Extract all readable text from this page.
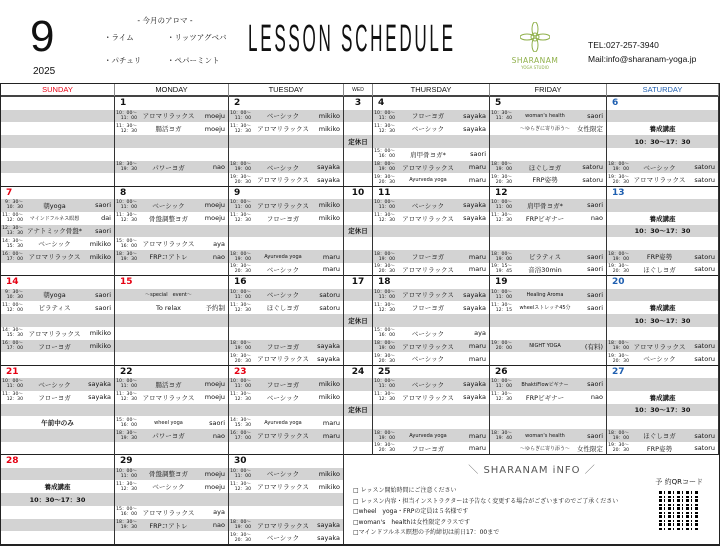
9
2025
- 今月のアロマ -
・ライム	・リッツアグベバ
・パチュリ	・ペパーミント
LESSON SCHEDULE
SHARANAM
YOGA STUDIO
TEL:027-257-3940
Mail:info@sharanam-yoga.jp
SUNDAY	MONDAY	TUESDAY	WED	THURSDAY	FRIDAY	SATURDAY
1
10：00〜
11：00 アロマリラックス	moeju
11：30〜
12：30	腸活ヨガ	moeju
18：30〜
19：30	パワーヨガ	nao
2
10：00〜
11：00	ベーシック	mikiko
11：30〜
12：30 アロマリラックス	mikiko
18：00〜
19：00	ベーシック	sayaka
19：30〜
20：30 アロマリラックス	sayaka
3
定休日
4
10：00〜
11：00	フローヨガ	sayaka
11：30〜
12：30	ベーシック	sayaka
15：00〜
16：00	肩甲骨ヨガ*	saori
18：00〜
19：00	アロマリラックス	maru
19：30〜
20：30	Ayurveda yoga	maru
5
10：30〜
11：40	woman's health	saori
〜ゆらぎに寄り添う〜	女性限定
18：00〜
19：00	ほぐしヨガ	satoru
19：30〜
20：30	FRP姿勢	satoru
6
養成講座
10：30〜17：30
18：00〜
19：00	ベーシック	satoru
19：30〜
20：30 アロマリラックス	satoru
7
9：30〜
10：30	朝yoga	saori
11：00〜
12：00	マインドフルネス瞑想	dai
12：30〜
13：30 アナトミック骨盤*	saori
14：30〜
15：30	ベーシック	mikiko
16：00〜
17：00 アロマリラックス	mikiko
8
10：00〜
11：00	ベーシック	moeju
11：30〜
12：30	骨盤調整ヨガ	moeju
15：00〜
16：00 アロマリラックス	aya
18：30〜
19：30	FRPコアトレ	nao
9
10：00〜
11：00 アロマリラックス	mikiko
11：30〜
12：30	フローヨガ	mikiko
18：00〜
19：00	Ayurveda yoga	maru
19：30〜
20：30	ベーシック	maru
10
定休日
11
10：00〜
11：00	ベーシック	sayaka
11：30〜
12：30	アロマリラックス	sayaka
18：00〜
19：00	フローヨガ	maru
19：30〜
20：30	アロマリラックス	maru
12
10：00〜
11：00	肩甲骨ヨガ*	saori
11：30〜
12：30	FRPビギナー	nao
18：00〜
19：00	ピラティス	saori
19：15〜
19：45	音浴30min	saori
13
養成講座
10：30〜17：30
18：00〜
19：00	FRP姿勢	satoru
19：30〜
20：30	ほぐしヨガ	satoru
14
9：30〜
10：30	朝yoga	saori
11：00〜
12：00	ピラティス	saori
14：30〜
15：30 アロマリラックス	mikiko
16：00〜
17：00	フローヨガ	mikiko
15
〜special　event〜
To relax	予約制
16
10：00〜
11：00	ベーシック	satoru
11：30〜
12：30	ほぐしヨガ	satoru
18：00〜
19：00	フローヨガ	sayaka
19：30〜
20：30 アロマリラックス	sayaka
17
定休日
18
10：00〜
11：00	アロマリラックス	sayaka
11：30〜
12：30	フローヨガ	sayaka
15：00〜
16：00	ベーシック	aya
18：00〜
19：00	アロマリラックス	maru
19：30〜
20：30	ベーシック	maru
19
10：00〜
11：00	Healing Aroma	saori
11：30〜
12：15	wheelストレッチ45分	saori
19：00〜
20：00	NIGHT YOGA	(有料)
20
養成講座
10：30〜17：30
18：00〜
19：00 アロマリラックス	satoru
19：30〜
20：30	ベーシック	satoru
21
10：00〜
11：00	ベーシック	sayaka
11：30〜
12：30	フローヨガ	sayaka
午前中のみ
22
10：00〜
11：00	腸活ヨガ	moeju
11：30〜
12：30 アロマリラックス	moeju
15：00〜
16：00	wheel yoga	saori
18：30〜
19：30	パワーヨガ	nao
23
10：00〜
11：00	フローヨガ	mikiko
11：30〜
12：30	ベーシック	mikiko
14：30〜
15：30	Ayurveda yoga	maru
16：00〜
17：00 アロマリラックス	maru
24
定休日
25
10：00〜
11：00	ベーシック	sayaka
11：30〜
12：30	アロマリラックス	sayaka
18：00〜
19：00	Ayurveda yoga	maru
19：30〜
20：30	フローヨガ	maru
26
10：00〜
11：00	BhaktiFlowビギナー	saori
11：30〜
12：30	FRPビギナー	nao
18：30〜
19：40	woman's health	saori
〜ゆらぎに寄り添う〜	女性限定
27
養成講座
10：30〜17：30
18：00〜
19：00	ほぐしヨガ	satoru
19：30〜
20：30	FRP姿勢	satoru
28
養成講座
10：30〜17：30
29
10：00〜
11：00	骨盤調整ヨガ	moeju
11：30〜
12：30	ベーシック	moeju
15：00〜
16：00 アロマリラックス	aya
18：30〜
19：30	FRPコアトレ	nao
30
10：00〜
11：00	ベーシック	mikiko
11：30〜
12：30 アロマリラックス	mikiko
18：00〜
19：00 アロマリラックス	sayaka
19：30〜
20：30	ベーシック	sayaka
＼ SHARANAM iNFO ／
□ レッスン開始時間にご注意ください
□ レッスン内容・担当インストラクターは予告なく変更する場合がございますのでご了承ください
□wheel　yoga・FRPの定員は５名様です
□woman's　healthは女性限定クラスです
□マインドフルネス瞑想の予約締切は前日17：00まで
予 約QRコード
